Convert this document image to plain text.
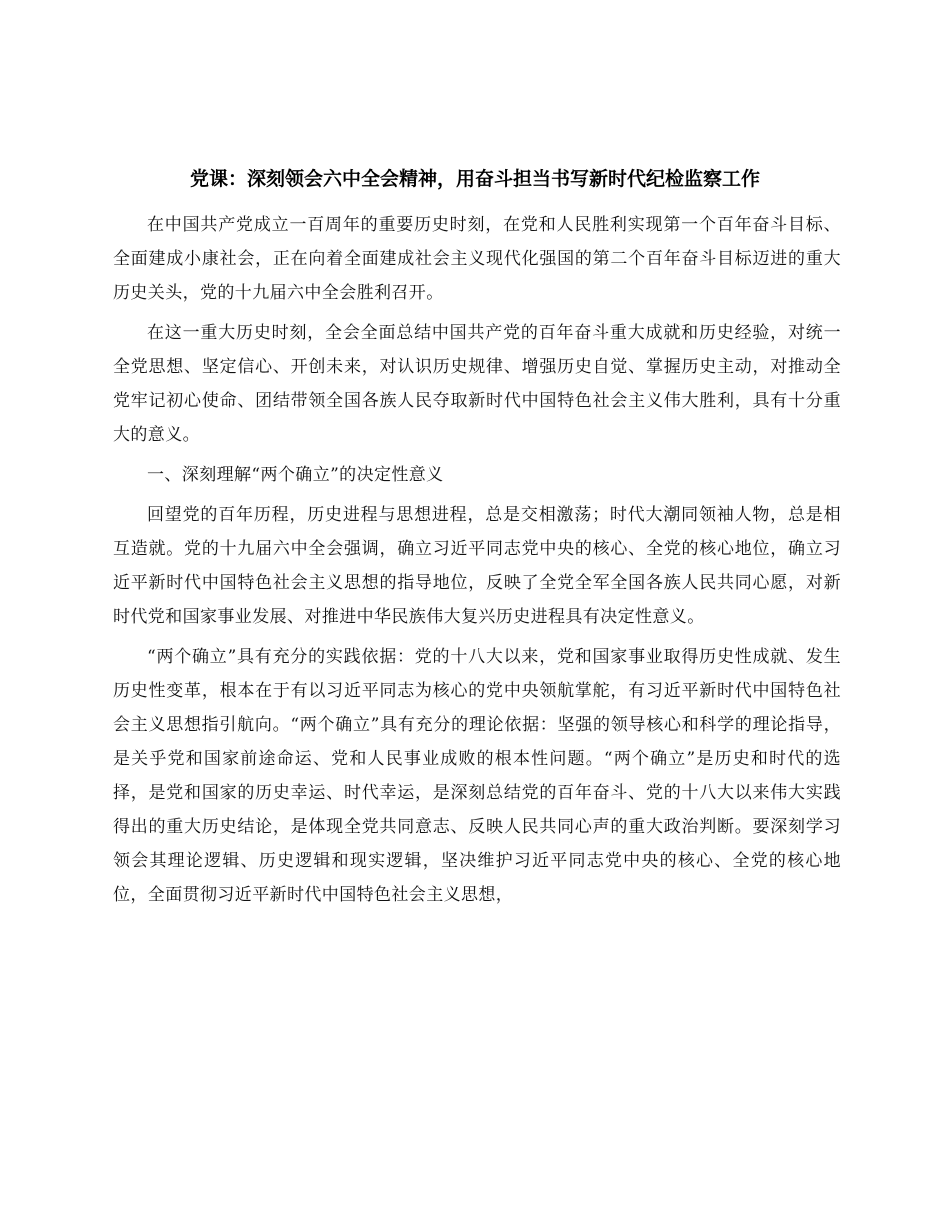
党课：深刻领会六中全会精神，用奋斗担当书写新时代纪检监察工作

在中国共产党成立一百周年的重要历史时刻，在党和人民胜利实现第一个百年奋斗目标、全面建成小康社会，正在向着全面建成社会主义现代化强国的第二个百年奋斗目标迈进的重大历史关头，党的十九届六中全会胜利召开。

在这一重大历史时刻，全会全面总结中国共产党的百年奋斗重大成就和历史经验，对统一全党思想、坚定信心、开创未来，对认识历史规律、增强历史自觉、掌握历史主动，对推动全党牢记初心使命、团结带领全国各族人民夺取新时代中国特色社会主义伟大胜利，具有十分重大的意义。

一、深刻理解“两个确立”的决定性意义

回望党的百年历程，历史进程与思想进程，总是交相激荡；时代大潮同领袖人物，总是相互造就。党的十九届六中全会强调，确立习近平同志党中央的核心、全党的核心地位，确立习近平新时代中国特色社会主义思想的指导地位，反映了全党全军全国各族人民共同心愿，对新时代党和国家事业发展、对推进中华民族伟大复兴历史进程具有决定性意义。

“两个确立”具有充分的实践依据：党的十八大以来，党和国家事业取得历史性成就、发生历史性变革，根本在于有以习近平同志为核心的党中央领航掌舵，有习近平新时代中国特色社会主义思想指引航向。“两个确立”具有充分的理论依据：坚强的领导核心和科学的理论指导，是关乎党和国家前途命运、党和人民事业成败的根本性问题。“两个确立”是历史和时代的选择，是党和国家的历史幸运、时代幸运，是深刻总结党的百年奋斗、党的十八大以来伟大实践得出的重大历史结论，是体现全党共同意志、反映人民共同心声的重大政治判断。要深刻学习领会其理论逻辑、历史逻辑和现实逻辑，坚决维护习近平同志党中央的核心、全党的核心地位，全面贯彻习近平新时代中国特色社会主义思想，
